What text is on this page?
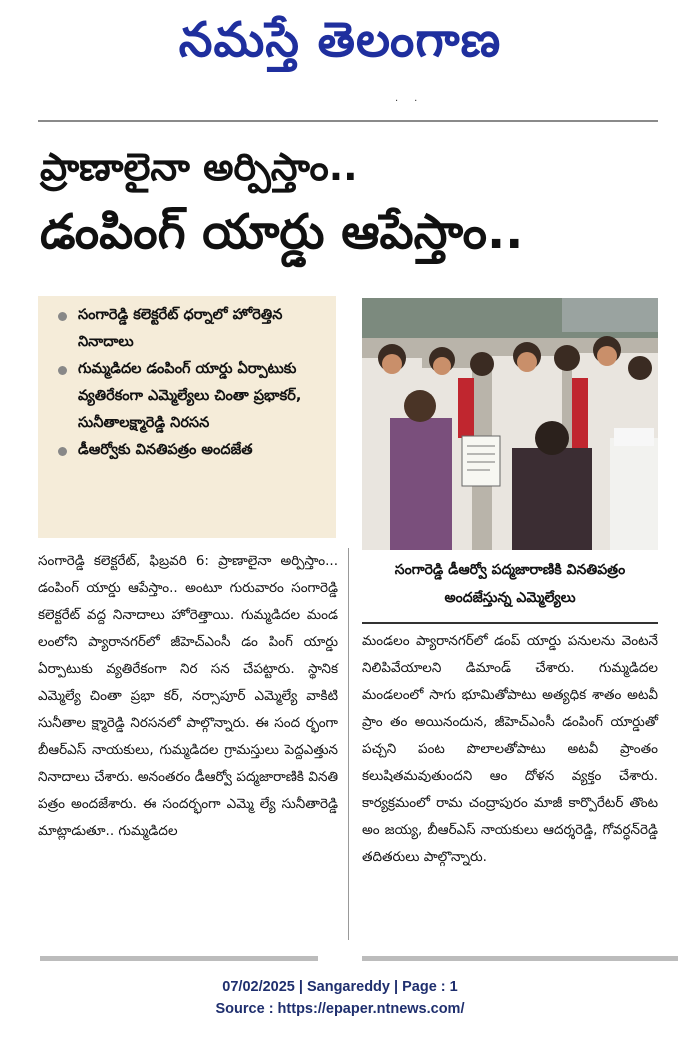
నమస్తే తెలంగాణ
·     ·
ప్రాణాలైనా అర్పిస్తాం..
డంపింగ్ యార్డు ఆపేస్తాం..
సంగారెడ్డి కలెక్టరేట్ ధర్నాలో హోరెత్తిన నినాదాలు
గుమ్మడిదల డంపింగ్ యార్డు ఏర్పాటుకు వ్యతిరేకంగా ఎమ్మెల్యేలు చింతా ప్రభాకర్, సునీతాలక్ష్మారెడ్డి నిరసన
డీఆర్వోకు వినతిపత్రం అందజేత
సంగారెడ్డి డీఆర్వో పద్మజారాణికి వినతిపత్రం అందజేస్తున్న ఎమ్మెల్యేలు
సంగారెడ్డి కలెక్టరేట్, ఫిబ్రవరి 6: ప్రాణాలైనా అర్పిస్తాం... డంపింగ్ యార్డు ఆపేస్తాం.. అంటూ గురువారం సంగారెడ్డి కలెక్టరేట్ వద్ద నినాదాలు హోరెత్తాయి. గుమ్మడిదల మండ లంలోని ప్యారానగర్‌లో జీహెచ్‌ఎంసీ డం పింగ్ యార్డు ఏర్పాటుకు వ్యతిరేకంగా నిర సన చేపట్టారు. స్థానిక ఎమ్మెల్యే చింతా ప్రభా కర్, నర్సాపూర్ ఎమ్మెల్యే వాకిటి సునీతాల క్ష్మారెడ్డి నిరసనలో పాల్గొన్నారు. ఈ సంద ర్భంగా బీఆర్‌ఎస్ నాయకులు, గుమ్మడిదల గ్రామస్తులు పెద్దఎత్తున నినాదాలు చేశారు. అనంతరం డీఆర్వో పద్మజారాణికి వినతి పత్రం అందజేశారు. ఈ సందర్భంగా ఎమ్మె ల్యే సునీతారెడ్డి మాట్లాడుతూ.. గుమ్మడిదల
మండలం ప్యారానగర్‌లో డంప్ యార్డు పనులను వెంటనే నిలిపివేయాలని డిమాండ్ చేశారు. గుమ్మడిదల మండలంలో సాగు భూమితోపాటు అత్యధిక శాతం అటవీ ప్రాం తం అయినందున, జీహెచ్‌ఎంసీ డంపింగ్ యార్డుతో పచ్చని పంట పొలాలతోపాటు అటవీ ప్రాంతం కలుషితమవుతుందని ఆం దోళన వ్యక్తం చేశారు. కార్యక్రమంలో రామ చంద్రాపురం మాజీ కార్పొరేటర్ తొంట అం జయ్య, బీఆర్‌ఎస్ నాయకులు ఆదర్శరెడ్డి, గోవర్ధన్‌రెడ్డి తదితరులు పాల్గొన్నారు.
07/02/2025 | Sangareddy | Page : 1
Source : https://epaper.ntnews.com/
